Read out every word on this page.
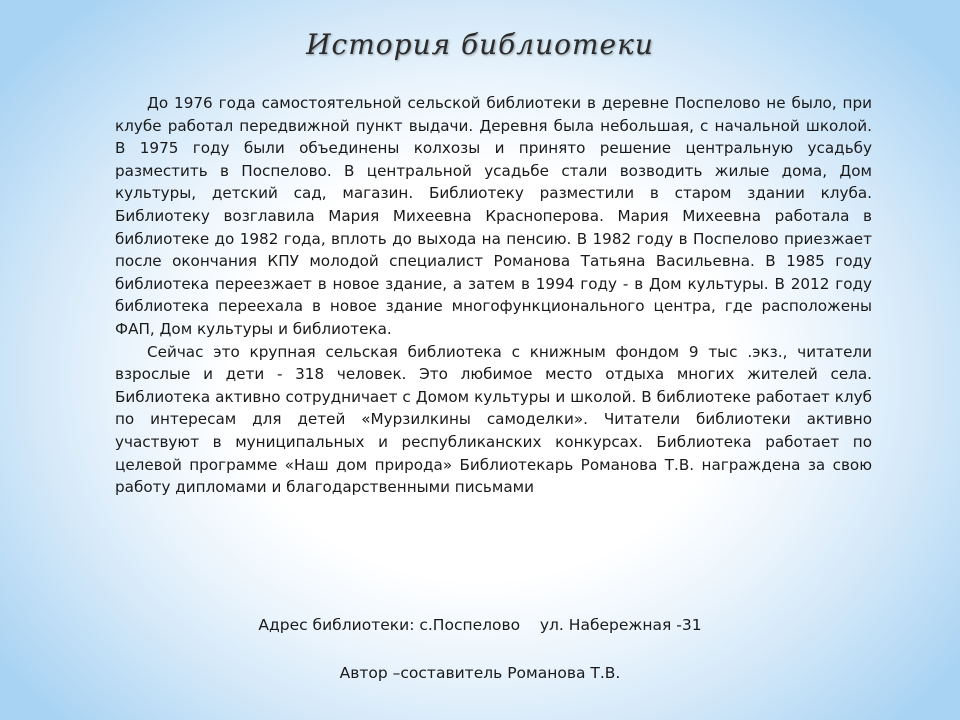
История библиотеки

До 1976 года самостоятельной сельской библиотеки в деревне Поспелово не было, при клубе работал передвижной пункт выдачи. Деревня была небольшая, с начальной школой. В 1975 году были объединены колхозы и принято решение центральную усадьбу разместить в Поспелово. В центральной усадьбе стали возводить жилые дома, Дом культуры, детский сад, магазин. Библиотеку разместили в старом здании клуба. Библиотеку возглавила Мария Михеевна Красноперова. Мария Михеевна работала в библиотеке до 1982 года, вплоть до выхода на пенсию. В 1982 году в Поспелово приезжает после окончания КПУ молодой специалист Романова Татьяна Васильевна. В 1985 году библиотека переезжает в новое здание, а затем в 1994 году - в Дом культуры. В 2012 году библиотека переехала в новое здание многофункционального центра, где расположены ФАП, Дом культуры и библиотека.

Сейчас это крупная сельская библиотека с книжным фондом 9 тыс .экз., читатели взрослые и дети - 318 человек. Это любимое место отдыха многих жителей села. Библиотека активно сотрудничает с Домом культуры и школой. В библиотеке работает клуб по интересам для детей «Мурзилкины самоделки». Читатели библиотеки активно участвуют в муниципальных и республиканских конкурсах. Библиотека работает по целевой программе «Наш дом природа» Библиотекарь Романова Т.В. награждена за свою работу дипломами и благодарственными письмами

Адрес библиотеки: с.Поспелово    ул. Набережная -31
Автор –составитель Романова Т.В.
